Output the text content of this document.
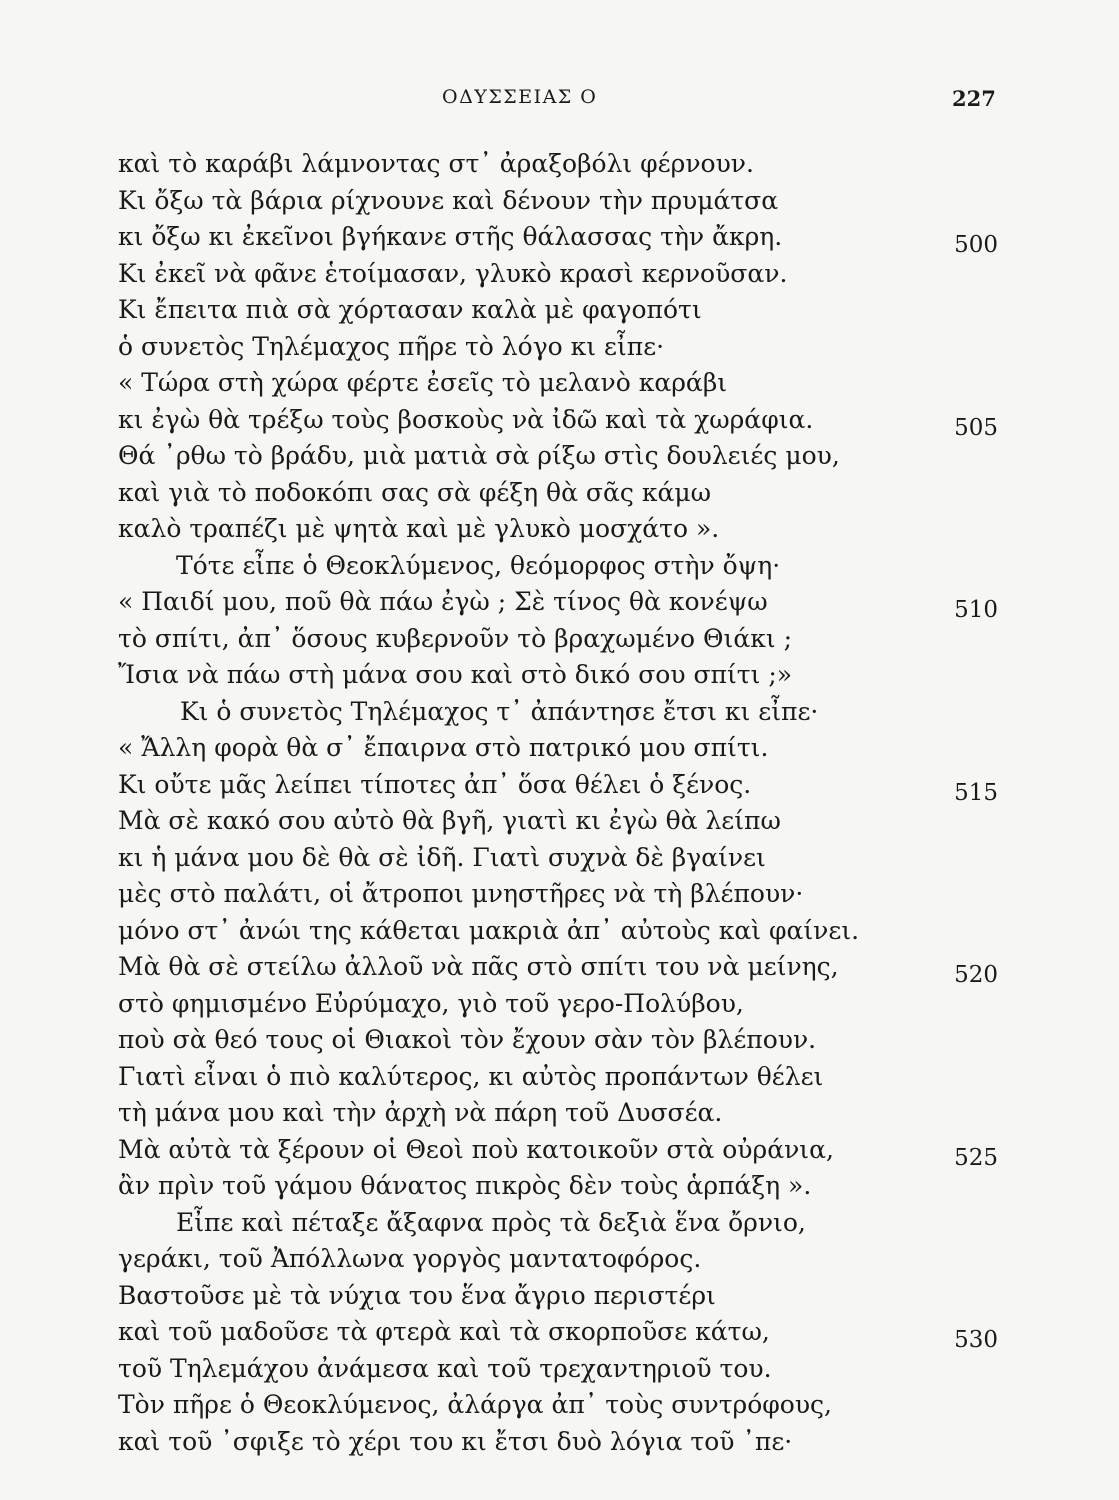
ΟΔΥΣΣΕΙΑΣ Ο	227
καὶ τὸ καράβι λάμνοντας στ᾽ ἀραξοβόλι φέρνουν.
Κι ὄξω τὰ βάρια ρίχνουνε καὶ δένουν τὴν πρυμάτσα
κι ὄξω κι ἐκεῖνοι βγήκανε στῆς θάλασσας τὴν ἄκρη.	500
Κι ἐκεῖ νὰ φᾶνε ἑτοίμασαν, γλυκὸ κρασὶ κερνοῦσαν.
Κι ἔπειτα πιὰ σὰ χόρτασαν καλὰ μὲ φαγοπότι
ὁ συνετὸς Τηλέμαχος πῆρε τὸ λόγο κι εἶπε·
« Τώρα στὴ χώρα φέρτε ἐσεῖς τὸ μελανὸ καράβι
κι ἐγὼ θὰ τρέξω τοὺς βοσκοὺς νὰ ἰδῶ καὶ τὰ χωράφια.	505
Θά ᾽ρθω τὸ βράδυ, μιὰ ματιὰ σὰ ρίξω στὶς δουλειές μου,
καὶ γιὰ τὸ ποδοκόπι σας σὰ φέξη θὰ σᾶς κάμω
καλὸ τραπέζι μὲ ψητὰ καὶ μὲ γλυκὸ μοσχάτο ».
Τότε εἶπε ὁ Θεοκλύμενος, θεόμορφος στὴν ὄψη·
« Παιδί μου, ποῦ θὰ πάω ἐγὼ ; Σὲ τίνος θὰ κονέψω	510
τὸ σπίτι, ἀπ᾽ ὅσους κυβερνοῦν τὸ βραχωμένο Θιάκι ;
Ἴσια νὰ πάω στὴ μάνα σου καὶ στὸ δικό σου σπίτι ;»
Κι ὁ συνετὸς Τηλέμαχος τ᾽ ἀπάντησε ἔτσι κι εἶπε·
« Ἄλλη φορὰ θὰ σ᾽ ἔπαιρνα στὸ πατρικό μου σπίτι.
Κι οὔτε μᾶς λείπει τίποτες ἀπ᾽ ὅσα θέλει ὁ ξένος.	515
Μὰ σὲ κακό σου αὐτὸ θὰ βγῆ, γιατὶ κι ἐγὼ θὰ λείπω
κι ἡ μάνα μου δὲ θὰ σὲ ἰδῆ. Γιατὶ συχνὰ δὲ βγαίνει
μὲς στὸ παλάτι, οἱ ἄτροποι μνηστῆρες νὰ τὴ βλέπουν·
μόνο στ᾽ ἀνώι της κάθεται μακριὰ ἀπ᾽ αὐτοὺς καὶ φαίνει.
Μὰ θὰ σὲ στείλω ἀλλοῦ νὰ πᾶς στὸ σπίτι του νὰ μείνης,	520
στὸ φημισμένο Εὐρύμαχο, γιὸ τοῦ γερο-Πολύβου,
ποὺ σὰ θεό τους οἱ Θιακοὶ τὸν ἔχουν σὰν τὸν βλέπουν.
Γιατὶ εἶναι ὁ πιὸ καλύτερος, κι αὐτὸς προπάντων θέλει
τὴ μάνα μου καὶ τὴν ἀρχὴ νὰ πάρη τοῦ Δυσσέα.
Μὰ αὐτὰ τὰ ξέρουν οἱ Θεοὶ ποὺ κατοικοῦν στὰ οὐράνια,	525
ἂν πρὶν τοῦ γάμου θάνατος πικρὸς δὲν τοὺς ἁρπάξη ».
Εἶπε καὶ πέταξε ἄξαφνα πρὸς τὰ δεξιὰ ἕνα ὄρνιο,
γεράκι, τοῦ Ἀπόλλωνα γοργὸς μαντατοφόρος.
Βαστοῦσε μὲ τὰ νύχια του ἕνα ἄγριο περιστέρι
καὶ τοῦ μαδοῦσε τὰ φτερὰ καὶ τὰ σκορποῦσε κάτω,	530
τοῦ Τηλεμάχου ἀνάμεσα καὶ τοῦ τρεχαντηριοῦ του.
Τὸν πῆρε ὁ Θεοκλύμενος, ἀλάργα ἀπ᾽ τοὺς συντρόφους,
καὶ τοῦ ᾽σφιξε τὸ χέρι του κι ἔτσι δυὸ λόγια τοῦ ᾽πε·
